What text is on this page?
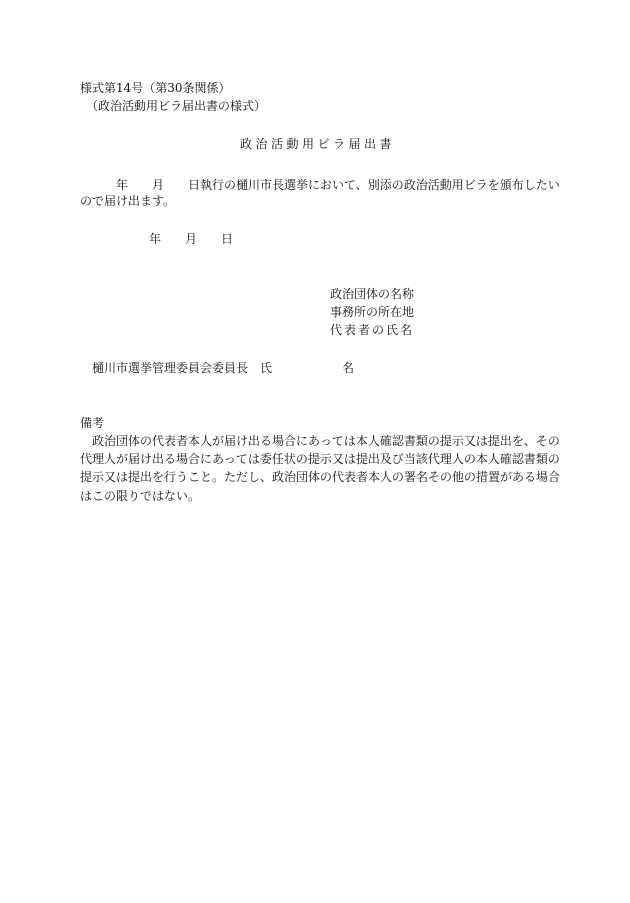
様式第14号（第30条関係）
（政治活動用ビラ届出書の様式）
政治活動用ビラ届出書
年 月 日執行の樋川市長選挙において、別添の政治活動用ビラを頒布したい
ので届け出ます。
年 月 日
政治団体の名称
事務所の所在地
代表者の氏名
樋川市選挙管理委員会委員長　氏	名
備考
　政治団体の代表者本人が届け出る場合にあっては本人確認書類の提示又は提出を、その
代理人が届け出る場合にあっては委任状の提示又は提出及び当該代理人の本人確認書類の
提示又は提出を行うこと。ただし、政治団体の代表者本人の署名その他の措置がある場合
はこの限りではない。
